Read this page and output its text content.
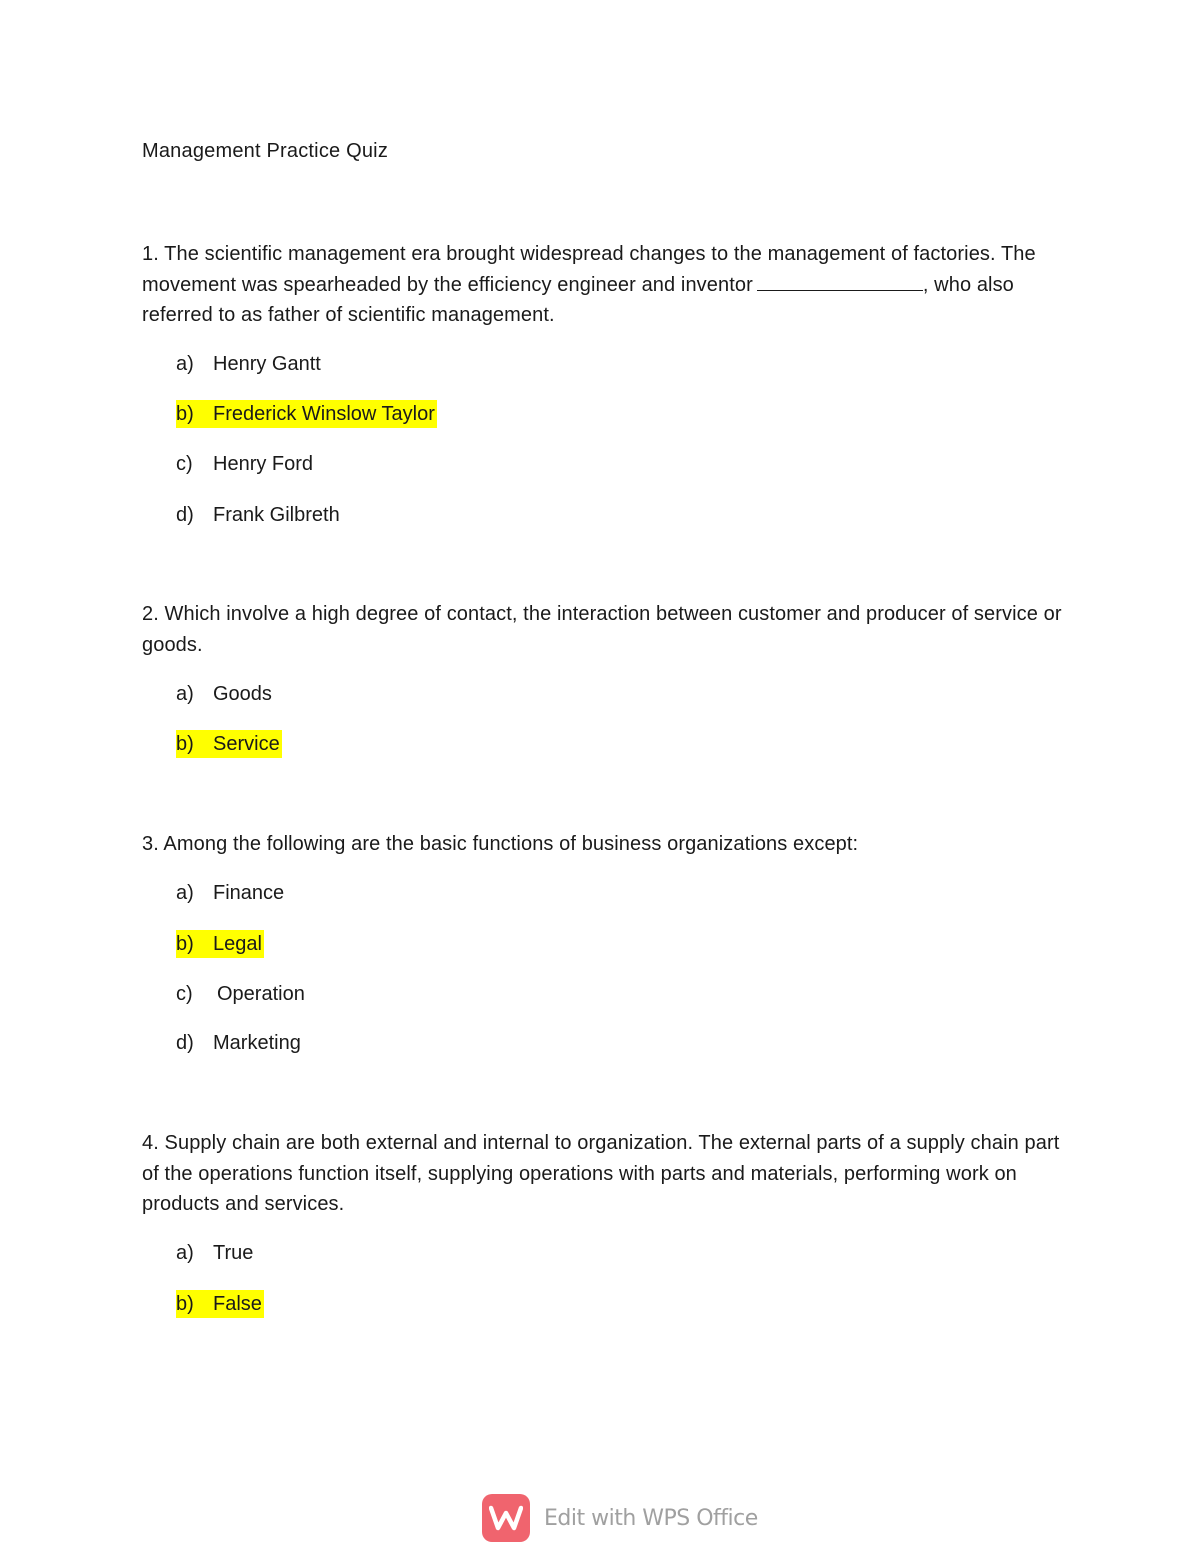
Management Practice Quiz

1. The scientific management era brought widespread changes to the management of factories. The movement was spearheaded by the efficiency engineer and inventor	, who also referred to as father of scientific management.

a) Henry Gantt
b) Frederick Winslow Taylor
c) Henry Ford
d) Frank Gilbreth

2. Which involve a high degree of contact, the interaction between customer and producer of service or goods.

a) Goods
b) Service

3. Among the following are the basic functions of business organizations except:

a) Finance
b) Legal
c) Operation
d) Marketing

4. Supply chain are both external and internal to organization. The external parts of a supply chain part of the operations function itself, supplying operations with parts and materials, performing work on products and services.

a) True
b) False
Edit with WPS Office
